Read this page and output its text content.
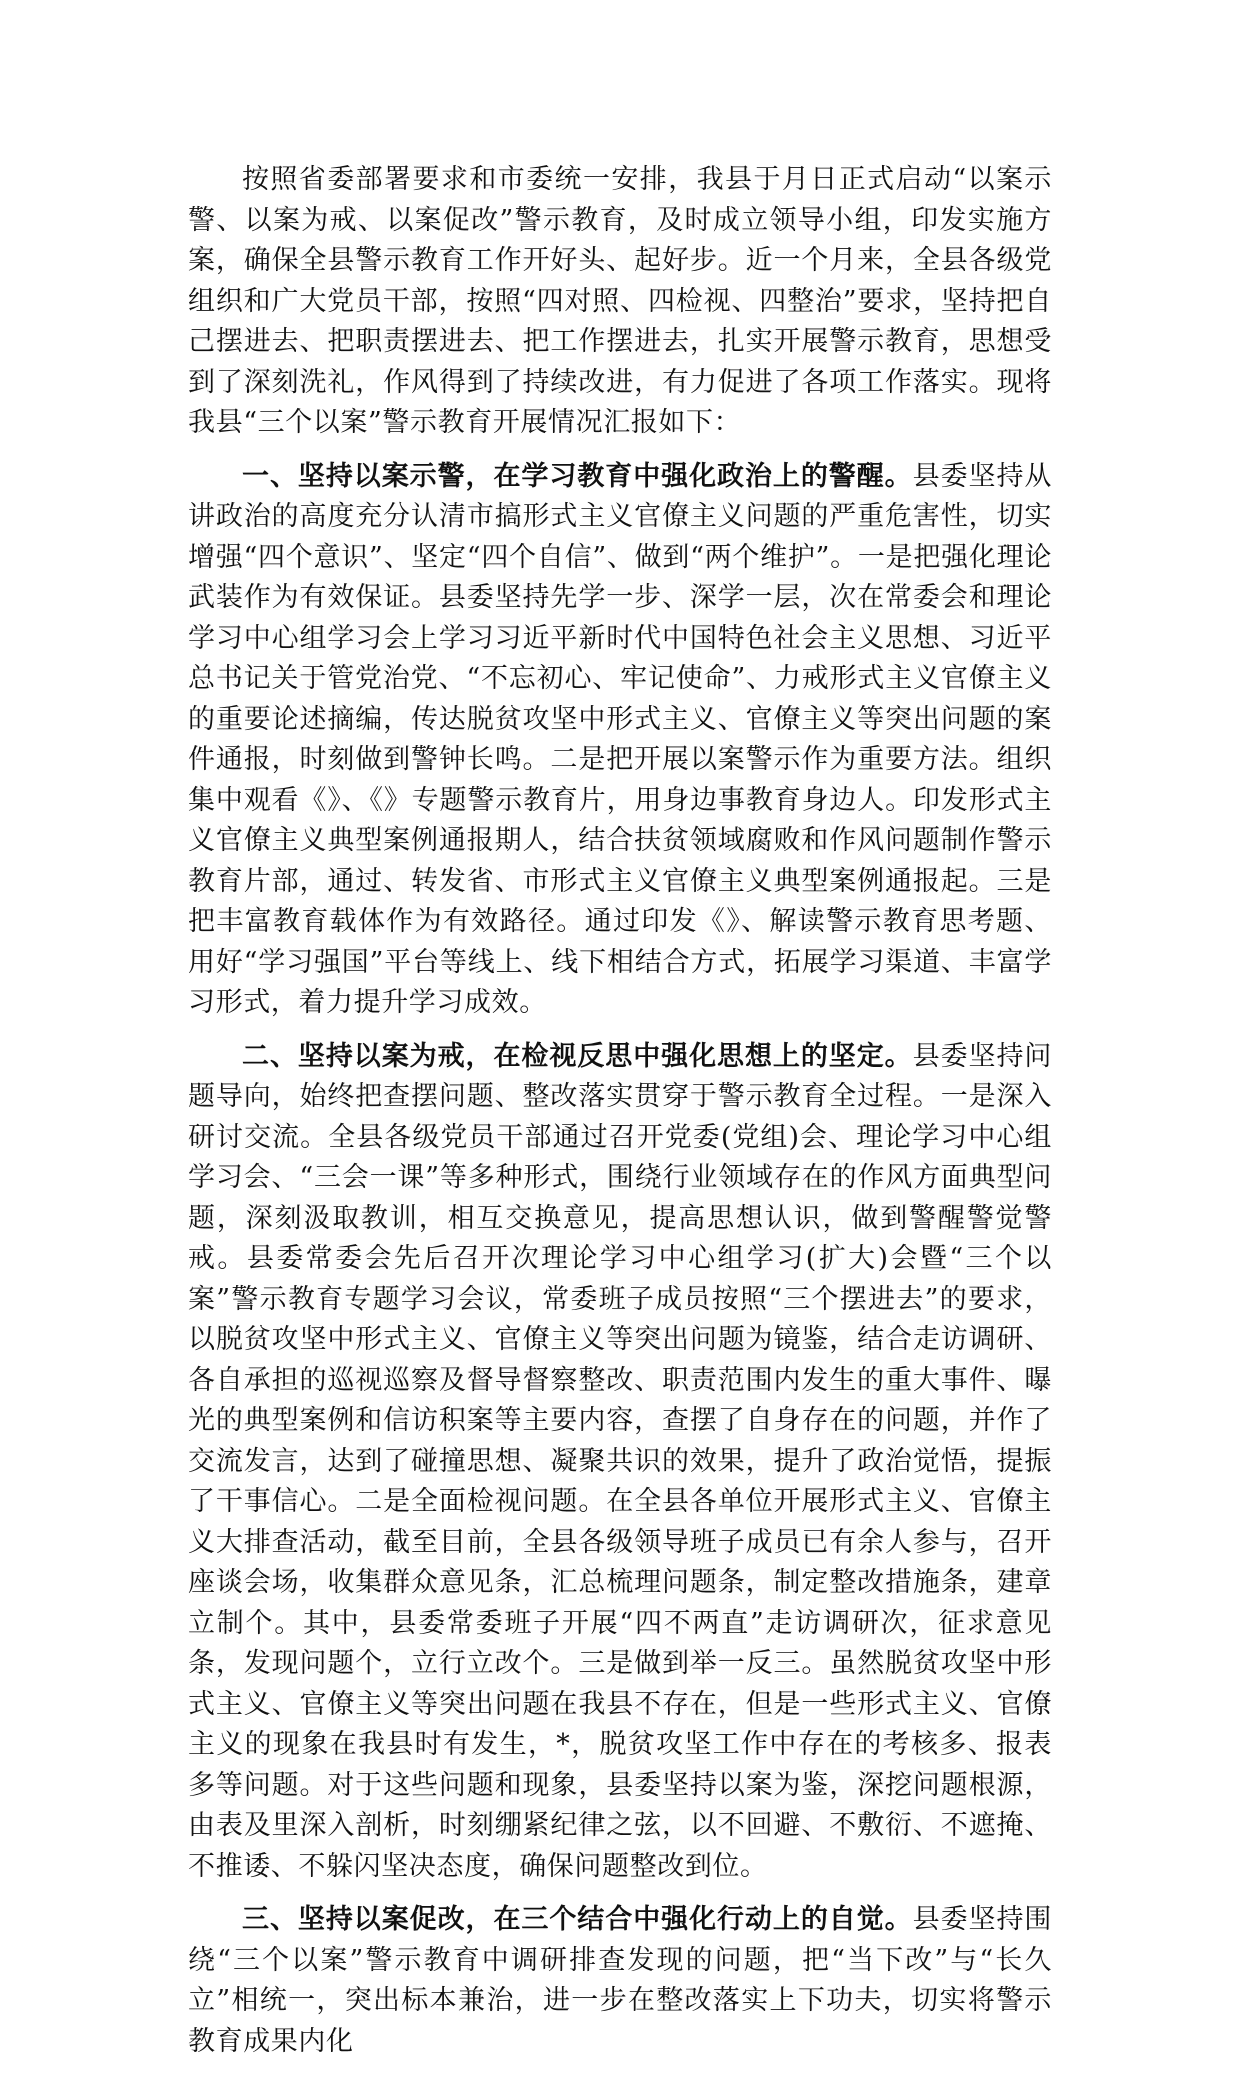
按照省委部署要求和市委统一安排，我县于月日正式启动“以案示警、以案为戒、以案促改”警示教育，及时成立领导小组，印发实施方案，确保全县警示教育工作开好头、起好步。近一个月来，全县各级党组织和广大党员干部，按照“四对照、四检视、四整治”要求，坚持把自己摆进去、把职责摆进去、把工作摆进去，扎实开展警示教育，思想受到了深刻洗礼，作风得到了持续改进，有力促进了各项工作落实。现将我县“三个以案”警示教育开展情况汇报如下：

一、坚持以案示警，在学习教育中强化政治上的警醒。县委坚持从讲政治的高度充分认清市搞形式主义官僚主义问题的严重危害性，切实增强“四个意识”、坚定“四个自信”、做到“两个维护”。一是把强化理论武装作为有效保证。县委坚持先学一步、深学一层，次在常委会和理论学习中心组学习会上学习习近平新时代中国特色社会主义思想、习近平总书记关于管党治党、“不忘初心、牢记使命”、力戒形式主义官僚主义的重要论述摘编，传达脱贫攻坚中形式主义、官僚主义等突出问题的案件通报，时刻做到警钟长鸣。二是把开展以案警示作为重要方法。组织集中观看《》、《》专题警示教育片，用身边事教育身边人。印发形式主义官僚主义典型案例通报期人，结合扶贫领域腐败和作风问题制作警示教育片部，通过、转发省、市形式主义官僚主义典型案例通报起。三是把丰富教育载体作为有效路径。通过印发《》、解读警示教育思考题、用好“学习强国”平台等线上、线下相结合方式，拓展学习渠道、丰富学习形式，着力提升学习成效。

二、坚持以案为戒，在检视反思中强化思想上的坚定。县委坚持问题导向，始终把查摆问题、整改落实贯穿于警示教育全过程。一是深入研讨交流。全县各级党员干部通过召开党委(党组)会、理论学习中心组学习会、“三会一课”等多种形式，围绕行业领域存在的作风方面典型问题，深刻汲取教训，相互交换意见，提高思想认识，做到警醒警觉警戒。县委常委会先后召开次理论学习中心组学习(扩大)会暨“三个以案”警示教育专题学习会议，常委班子成员按照“三个摆进去”的要求，以脱贫攻坚中形式主义、官僚主义等突出问题为镜鉴，结合走访调研、各自承担的巡视巡察及督导督察整改、职责范围内发生的重大事件、曝光的典型案例和信访积案等主要内容，查摆了自身存在的问题，并作了交流发言，达到了碰撞思想、凝聚共识的效果，提升了政治觉悟，提振了干事信心。二是全面检视问题。在全县各单位开展形式主义、官僚主义大排查活动，截至目前，全县各级领导班子成员已有余人参与，召开座谈会场，收集群众意见条，汇总梳理问题条，制定整改措施条，建章立制个。其中，县委常委班子开展“四不两直”走访调研次，征求意见条，发现问题个，立行立改个。三是做到举一反三。虽然脱贫攻坚中形式主义、官僚主义等突出问题在我县不存在，但是一些形式主义、官僚主义的现象在我县时有发生，*，脱贫攻坚工作中存在的考核多、报表多等问题。对于这些问题和现象，县委坚持以案为鉴，深挖问题根源，由表及里深入剖析，时刻绷紧纪律之弦，以不回避、不敷衍、不遮掩、不推诿、不躲闪坚决态度，确保问题整改到位。

三、坚持以案促改，在三个结合中强化行动上的自觉。县委坚持围绕“三个以案”警示教育中调研排查发现的问题，把“当下改”与“长久立”相统一，突出标本兼治，进一步在整改落实上下功夫，切实将警示教育成果内化
